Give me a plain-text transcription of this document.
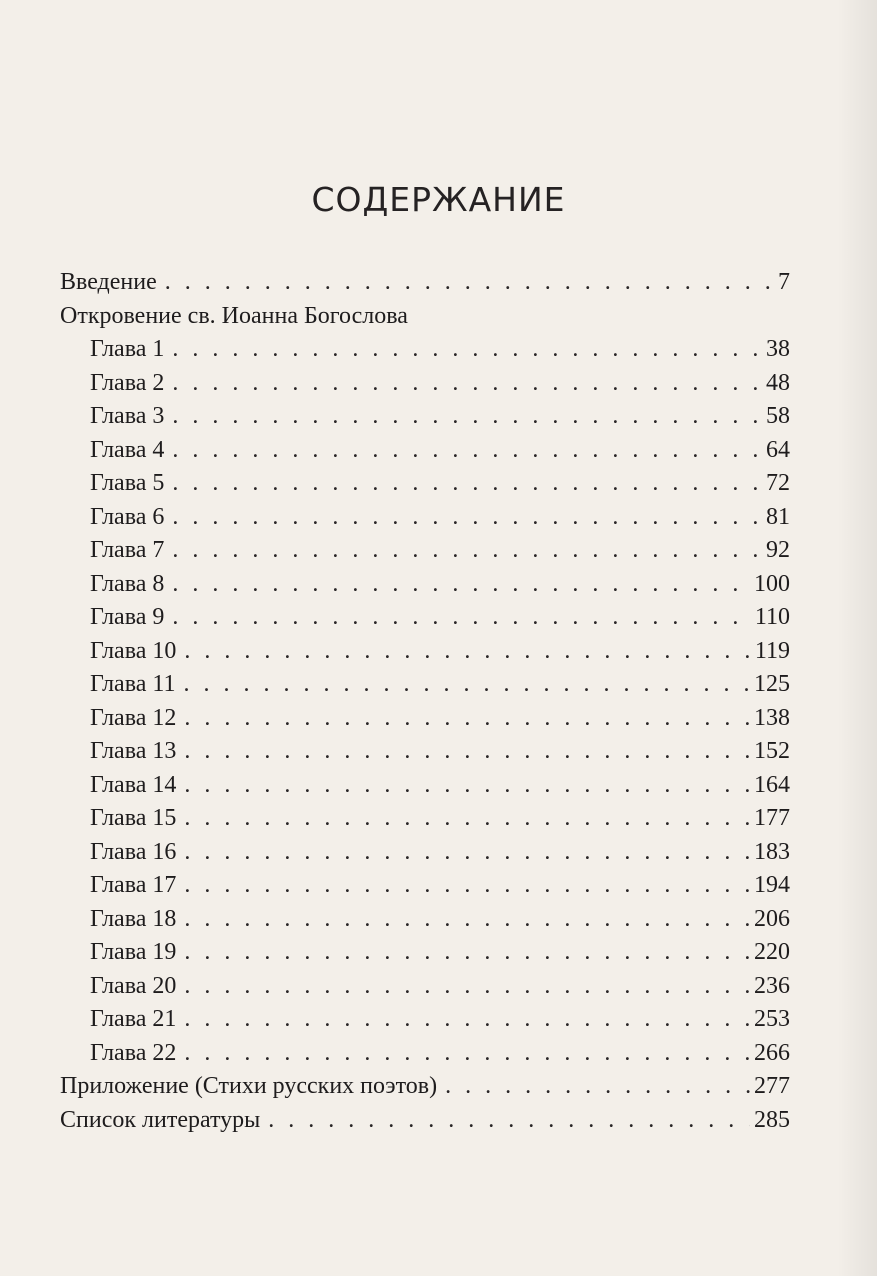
СОДЕРЖАНИЕ
Введение . . .	7
Откровение св. Иоанна Богослова
Глава 1 . . .	38
Глава 2 . . .	48
Глава 3 . . .	58
Глава 4 . . .	64
Глава 5 . . .	72
Глава 6 . . .	81
Глава 7 . . .	92
Глава 8 . . .	100
Глава 9 . . .	110
Глава 10 . . .	119
Глава 11 . . .	125
Глава 12 . . .	138
Глава 13 . . .	152
Глава 14 . . .	164
Глава 15 . . .	177
Глава 16 . . .	183
Глава 17 . . .	194
Глава 18 . . .	206
Глава 19 . . .	220
Глава 20 . . .	236
Глава 21 . . .	253
Глава 22 . . .	266
Приложение (Стихи русских поэтов) . . .	277
Список литературы . . .	285
